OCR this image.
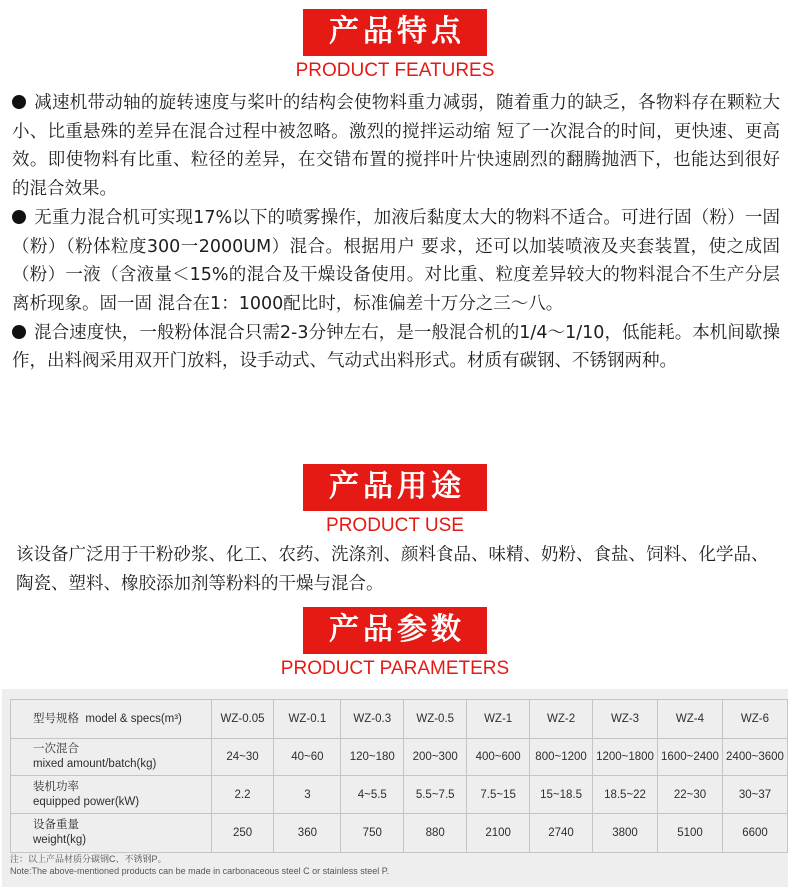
产品特点
PRODUCT FEATURES

减速机带动轴的旋转速度与桨叶的结构会使物料重力减弱，随着重力的缺乏，各物料存在颗粒大小、比重悬殊的差异在混合过程中被忽略。激烈的搅拌运动缩 短了一次混合的时间，更快速、更高效。即使物料有比重、粒径的差异，在交错布置的搅拌叶片快速剧烈的翻腾抛洒下，也能达到很好的混合效果。

无重力混合机可实现17%以下的喷雾操作，加液后黏度太大的物料不适合。可进行固（粉）一固（粉）（粉体粒度300一2000UM）混合。根据用户 要求，还可以加装喷液及夹套装置，使之成固（粉）一液（含液量＜15%的混合及干燥设备使用。对比重、粒度差异较大的物料混合不生产分层离析现象。固一固 混合在1：1000配比时，标准偏差十万分之三～八。

混合速度快，一般粉体混合只需2-3分钟左右，是一般混合机的1/4～1/10，低能耗。本机间歇操作，出料阀采用双开门放料，设手动式、气动式出料形式。材质有碳钢、不锈钢两种。

产品用途
PRODUCT USE
该设备广泛用于干粉砂浆、化工、农药、洗涤剂、颜料食品、味精、奶粉、食盐、饲料、化学品、陶瓷、塑料、橡胶添加剂等粉料的干燥与混合。
产品参数
PRODUCT PARAMETERS
型号规格 model & specs(m³)	WZ-0.05	WZ-0.1	WZ-0.3	WZ-0.5	WZ-1	WZ-2	WZ-3	WZ-4	WZ-6

一次混合
mixed amount/batch(kg)	24~30	40~60	120~180	200~300	400~600	800~1200	1200~1800	1600~2400	2400~3600

装机功率
equipped power(kW)	2.2	3	4~5.5	5.5~7.5	7.5~15	15~18.5	18.5~22	22~30	30~37

设备重量
weight(kg)	250	360	750	880	2100	2740	3800	5100	6600
注：以上产品材质分碳钢C、不锈钢P。
Note:The above-mentioned products can be made in carbonaceous steel C or stainless steel P.
